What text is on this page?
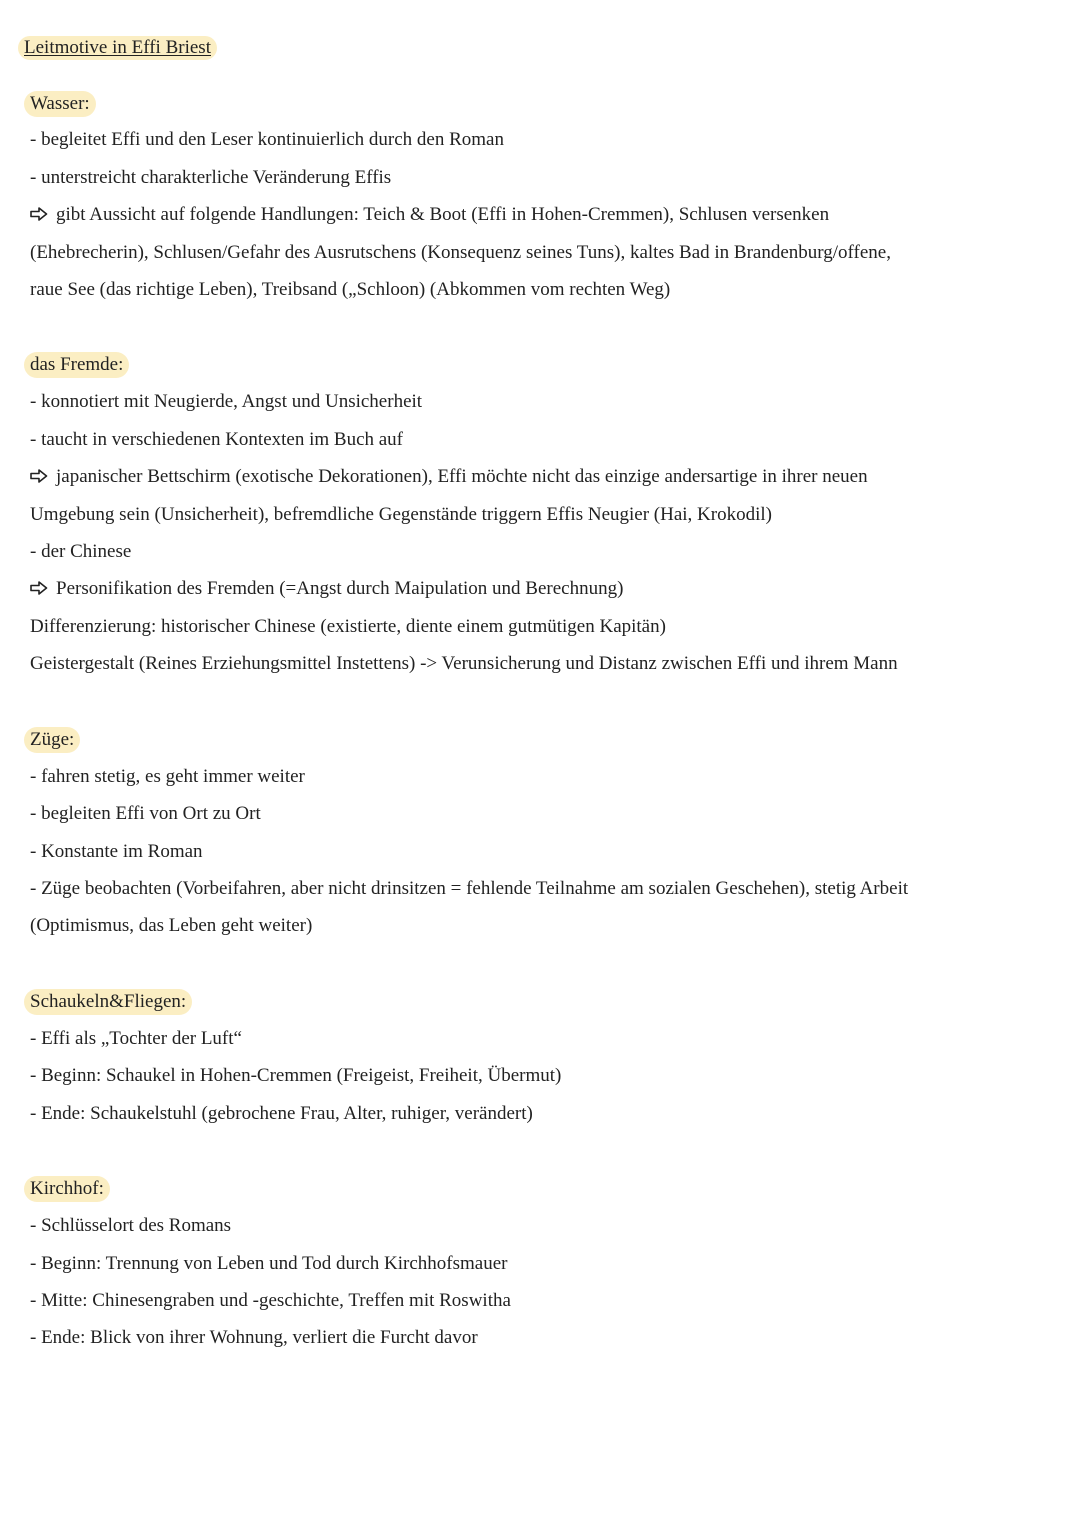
Leitmotive in Effi Briest
Wasser:
- begleitet Effi und den Leser kontinuierlich durch den Roman
- unterstreicht charakterliche Veränderung Effis
gibt Aussicht auf folgende Handlungen: Teich & Boot (Effi in Hohen-Cremmen), Schlusen versenken
(Ehebrecherin), Schlusen/Gefahr des Ausrutschens (Konsequenz seines Tuns), kaltes Bad in Brandenburg/offene,
raue See (das richtige Leben), Treibsand („Schloon) (Abkommen vom rechten Weg)
das Fremde:
- konnotiert mit Neugierde, Angst und Unsicherheit
- taucht in verschiedenen Kontexten im Buch auf
japanischer Bettschirm (exotische Dekorationen), Effi möchte nicht das einzige andersartige in ihrer neuen
Umgebung sein (Unsicherheit), befremdliche Gegenstände triggern Effis Neugier (Hai, Krokodil)
- der Chinese
Personifikation des Fremden (=Angst durch Maipulation und Berechnung)
Differenzierung: historischer Chinese (existierte, diente einem gutmütigen Kapitän)
Geistergestalt (Reines Erziehungsmittel Instettens) -> Verunsicherung und Distanz zwischen Effi und ihrem Mann
Züge:
- fahren stetig, es geht immer weiter
- begleiten Effi von Ort zu Ort
- Konstante im Roman
- Züge beobachten (Vorbeifahren, aber nicht drinsitzen = fehlende Teilnahme am sozialen Geschehen), stetig Arbeit
(Optimismus, das Leben geht weiter)
Schaukeln&Fliegen:
- Effi als „Tochter der Luft“
- Beginn: Schaukel in Hohen-Cremmen (Freigeist, Freiheit, Übermut)
- Ende: Schaukelstuhl (gebrochene Frau, Alter, ruhiger, verändert)
Kirchhof:
- Schlüsselort des Romans
- Beginn: Trennung von Leben und Tod durch Kirchhofsmauer
- Mitte: Chinesengraben und -geschichte, Treffen mit Roswitha
- Ende: Blick von ihrer Wohnung, verliert die Furcht davor
